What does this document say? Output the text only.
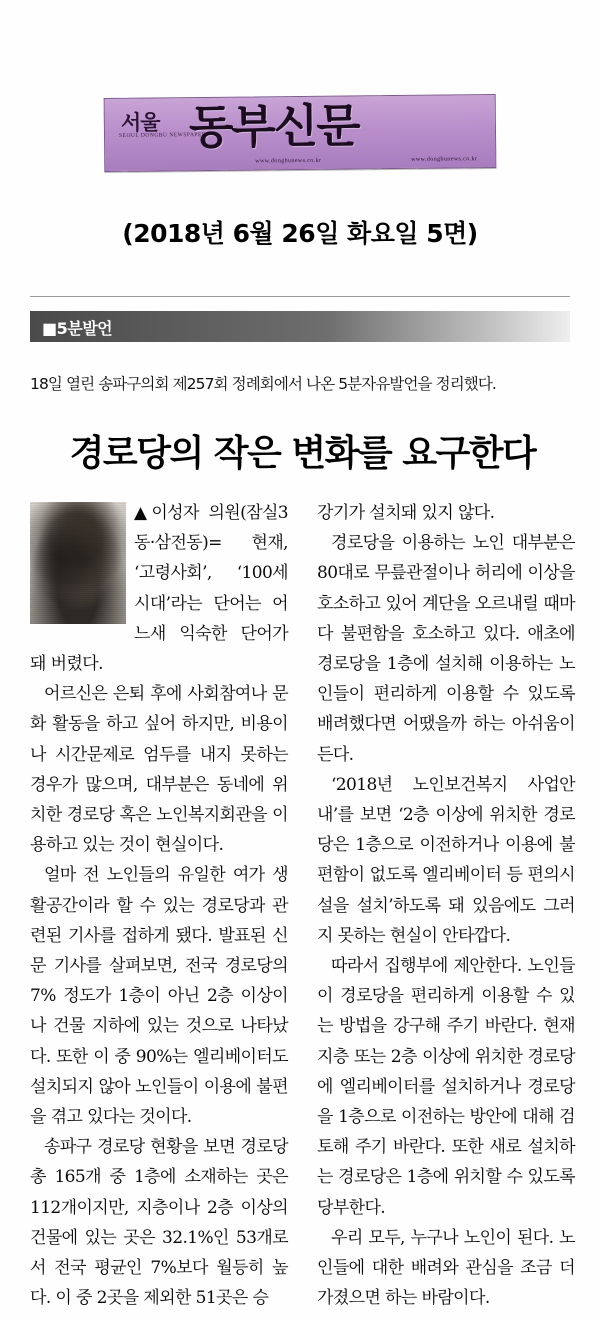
서울
SEOUL DONGBU NEWSPAPER
동부신문
www.dongbunews.co.kr	www.dongbunews.co.kr
(2018년 6월 26일 화요일 5면)
■5분발언
18일 열린 송파구의회 제257회 정례회에서 나온 5분자유발언을 정리했다.
경로당의 작은 변화를 요구한다

▲이성자 의원(잠실3동·삼전동)= 현재, ‘고령사회’, ‘100세 시대’라는 단어는 어느새 익숙한 단어가 돼 버렸다.

어르신은 은퇴 후에 사회참여나 문화 활동을 하고 싶어 하지만, 비용이나 시간문제로 엄두를 내지 못하는 경우가 많으며, 대부분은 동네에 위치한 경로당 혹은 노인복지회관을 이용하고 있는 것이 현실이다.

얼마 전 노인들의 유일한 여가 생활공간이라 할 수 있는 경로당과 관련된 기사를 접하게 됐다. 발표된 신문 기사를 살펴보면, 전국 경로당의 7% 정도가 1층이 아닌 2층 이상이나 건물 지하에 있는 것으로 나타났다. 또한 이 중 90%는 엘리베이터도 설치되지 않아 노인들이 이용에 불편을 겪고 있다는 것이다.

송파구 경로당 현황을 보면 경로당 총 165개 중 1층에 소재하는 곳은 112개이지만, 지층이나 2층 이상의 건물에 있는 곳은 32.1%인 53개로서 전국 평균인 7%보다 월등히 높다. 이 중 2곳을 제외한 51곳은 승

강기가 설치돼 있지 않다.

경로당을 이용하는 노인 대부분은 80대로 무릎관절이나 허리에 이상을 호소하고 있어 계단을 오르내릴 때마다 불편함을 호소하고 있다. 애초에 경로당을 1층에 설치해 이용하는 노인들이 편리하게 이용할 수 있도록 배려했다면 어땠을까 하는 아쉬움이 든다.

‘2018년 노인보건복지 사업안내’를 보면 ‘2층 이상에 위치한 경로당은 1층으로 이전하거나 이용에 불편함이 없도록 엘리베이터 등 편의시설을 설치’하도록 돼 있음에도 그러지 못하는 현실이 안타깝다.

따라서 집행부에 제안한다. 노인들이 경로당을 편리하게 이용할 수 있는 방법을 강구해 주기 바란다. 현재 지층 또는 2층 이상에 위치한 경로당에 엘리베이터를 설치하거나 경로당을 1층으로 이전하는 방안에 대해 검토해 주기 바란다. 또한 새로 설치하는 경로당은 1층에 위치할 수 있도록 당부한다.

우리 모두, 누구나 노인이 된다. 노인들에 대한 배려와 관심을 조금 더 가졌으면 하는 바람이다.
